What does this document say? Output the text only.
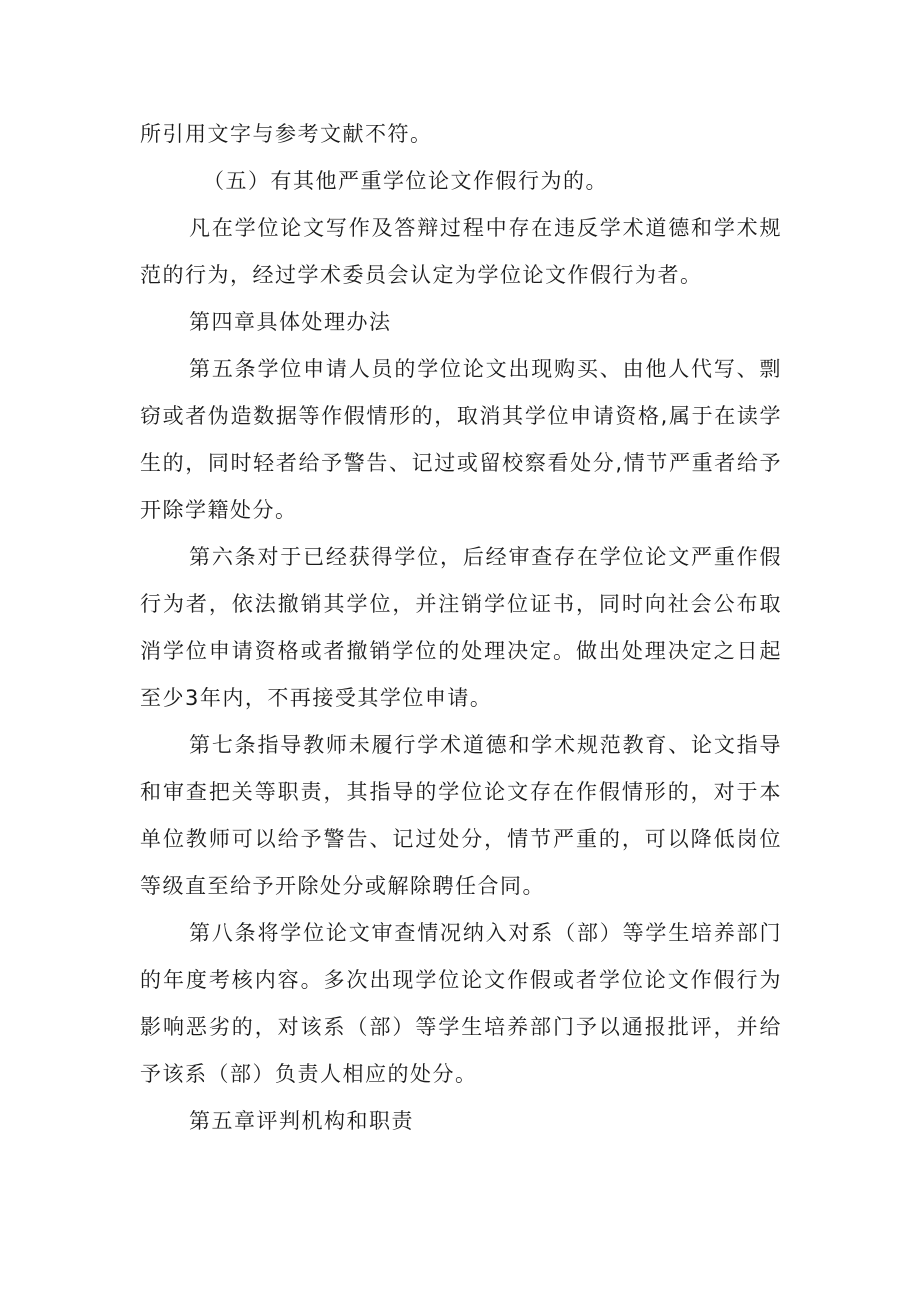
所引用文字与参考文献不符。

（五）有其他严重学位论文作假行为的。

凡在学位论文写作及答辩过程中存在违反学术道德和学术规范的行为，经过学术委员会认定为学位论文作假行为者。

第四章具体处理办法

第五条学位申请人员的学位论文出现购买、由他人代写、剽窃或者伪造数据等作假情形的，取消其学位申请资格,属于在读学生的，同时轻者给予警告、记过或留校察看处分,情节严重者给予开除学籍处分。

第六条对于已经获得学位，后经审查存在学位论文严重作假行为者，依法撤销其学位，并注销学位证书，同时向社会公布取消学位申请资格或者撤销学位的处理决定。做出处理决定之日起至少3年内，不再接受其学位申请。

第七条指导教师未履行学术道德和学术规范教育、论文指导和审查把关等职责，其指导的学位论文存在作假情形的，对于本单位教师可以给予警告、记过处分，情节严重的，可以降低岗位等级直至给予开除处分或解除聘任合同。

第八条将学位论文审查情况纳入对系（部）等学生培养部门的年度考核内容。多次出现学位论文作假或者学位论文作假行为影响恶劣的，对该系（部）等学生培养部门予以通报批评，并给予该系（部）负责人相应的处分。

第五章评判机构和职责
